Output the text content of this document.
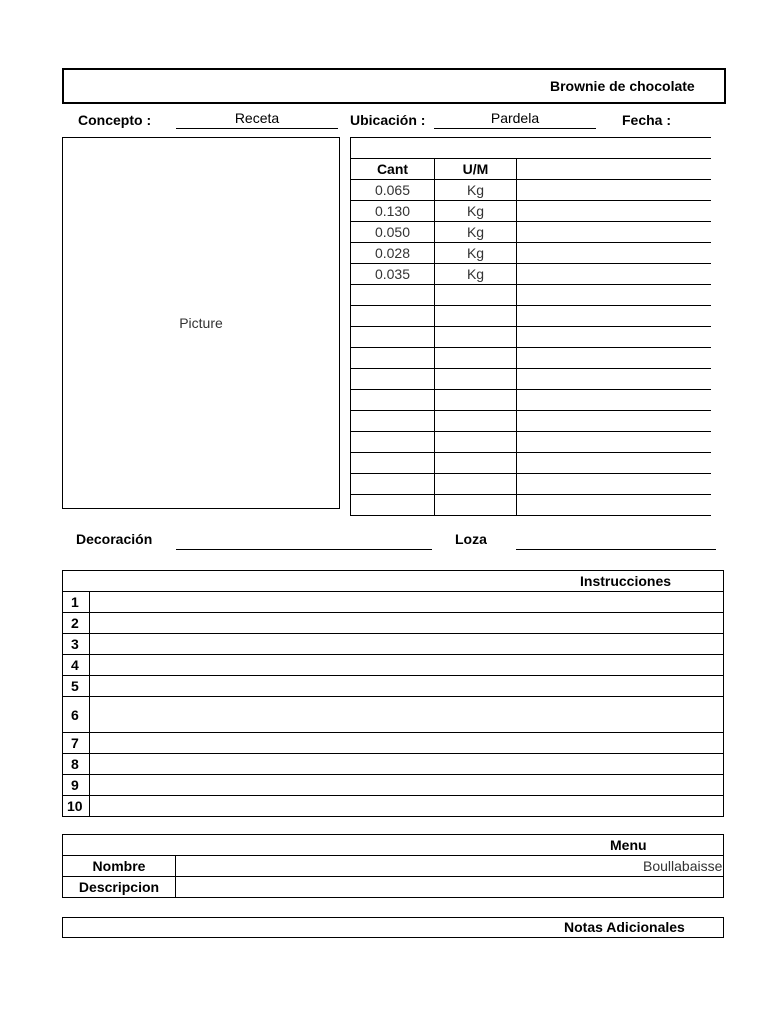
Brownie de chocolate
Concepto :	Receta	Ubicación :	Pardela	Fecha :
Picture
Cant	U/M
0.065	Kg
0.130	Kg
0.050	Kg
0.028	Kg
0.035	Kg
Decoración	Loza
Instrucciones
1
2
3
4
5
6
7
8
9
10
Menu
Nombre	Boullabaisse
Descripcion
Notas Adicionales
